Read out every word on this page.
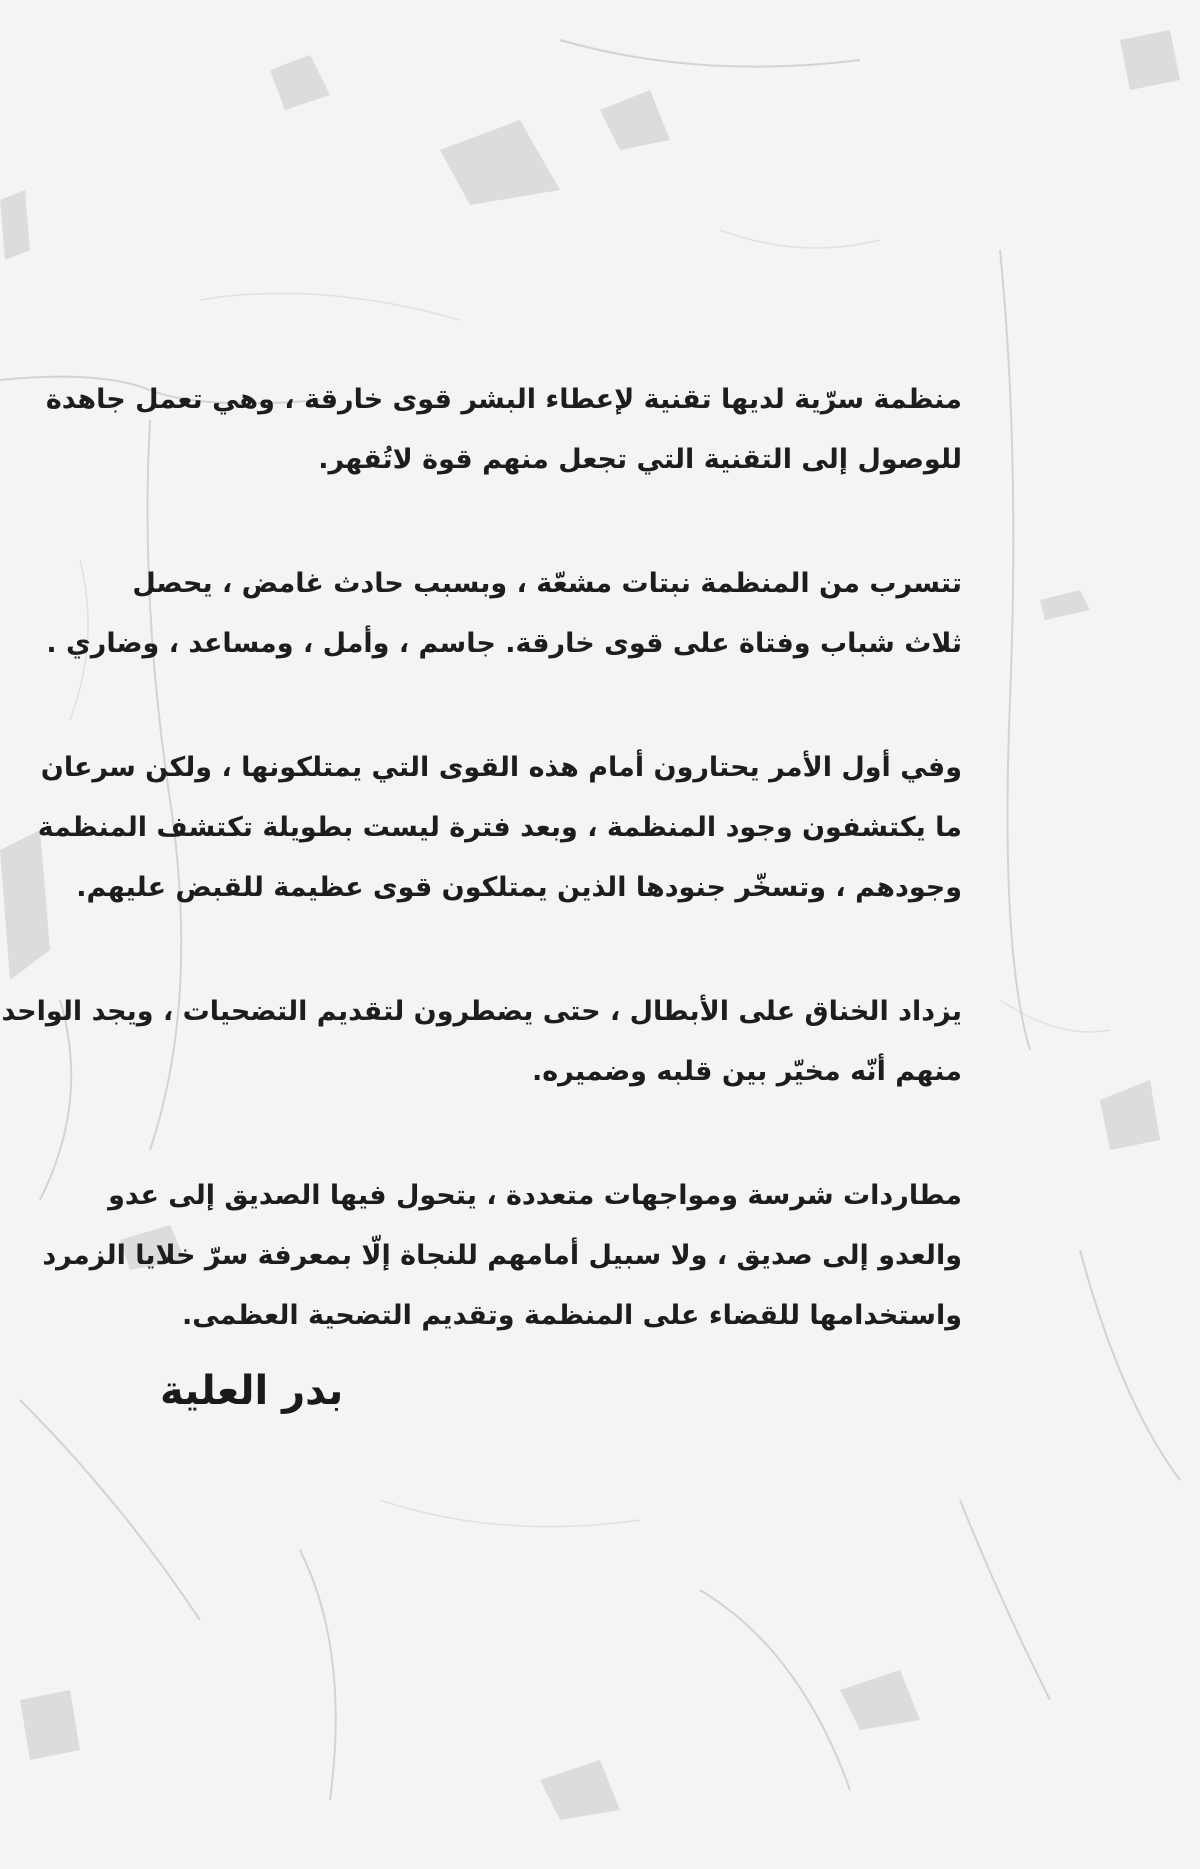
منظمة سرّية لديها تقنية لإعطاء البشر قوى خارقة ، وهي تعمل جاهدة
للوصول إلى التقنية التي تجعل منهم قوة لاتُقهر.

تتسرب من المنظمة نبتات مشعّة ، وبسبب حادث غامض ، يحصل
ثلاث شباب وفتاة على قوى خارقة. جاسم ، وأمل ، ومساعد ، وضاري .

وفي أول الأمر يحتارون أمام هذه القوى التي يمتلكونها ، ولكن سرعان
ما يكتشفون وجود المنظمة ، وبعد فترة ليست بطويلة تكتشف المنظمة
وجودهم ، وتسخّر جنودها الذين يمتلكون قوى عظيمة للقبض عليهم.

يزداد الخناق على الأبطال ، حتى يضطرون لتقديم التضحيات ، ويجد الواحد
منهم أنّه مخيّر بين قلبه وضميره.

مطاردات شرسة ومواجهات متعددة ، يتحول فيها الصديق إلى عدو
والعدو إلى صديق ، ولا سبيل أمامهم للنجاة إلّا بمعرفة سرّ خلايا الزمرد
واستخدامها للقضاء على المنظمة وتقديم التضحية العظمى.

بدر العلية
